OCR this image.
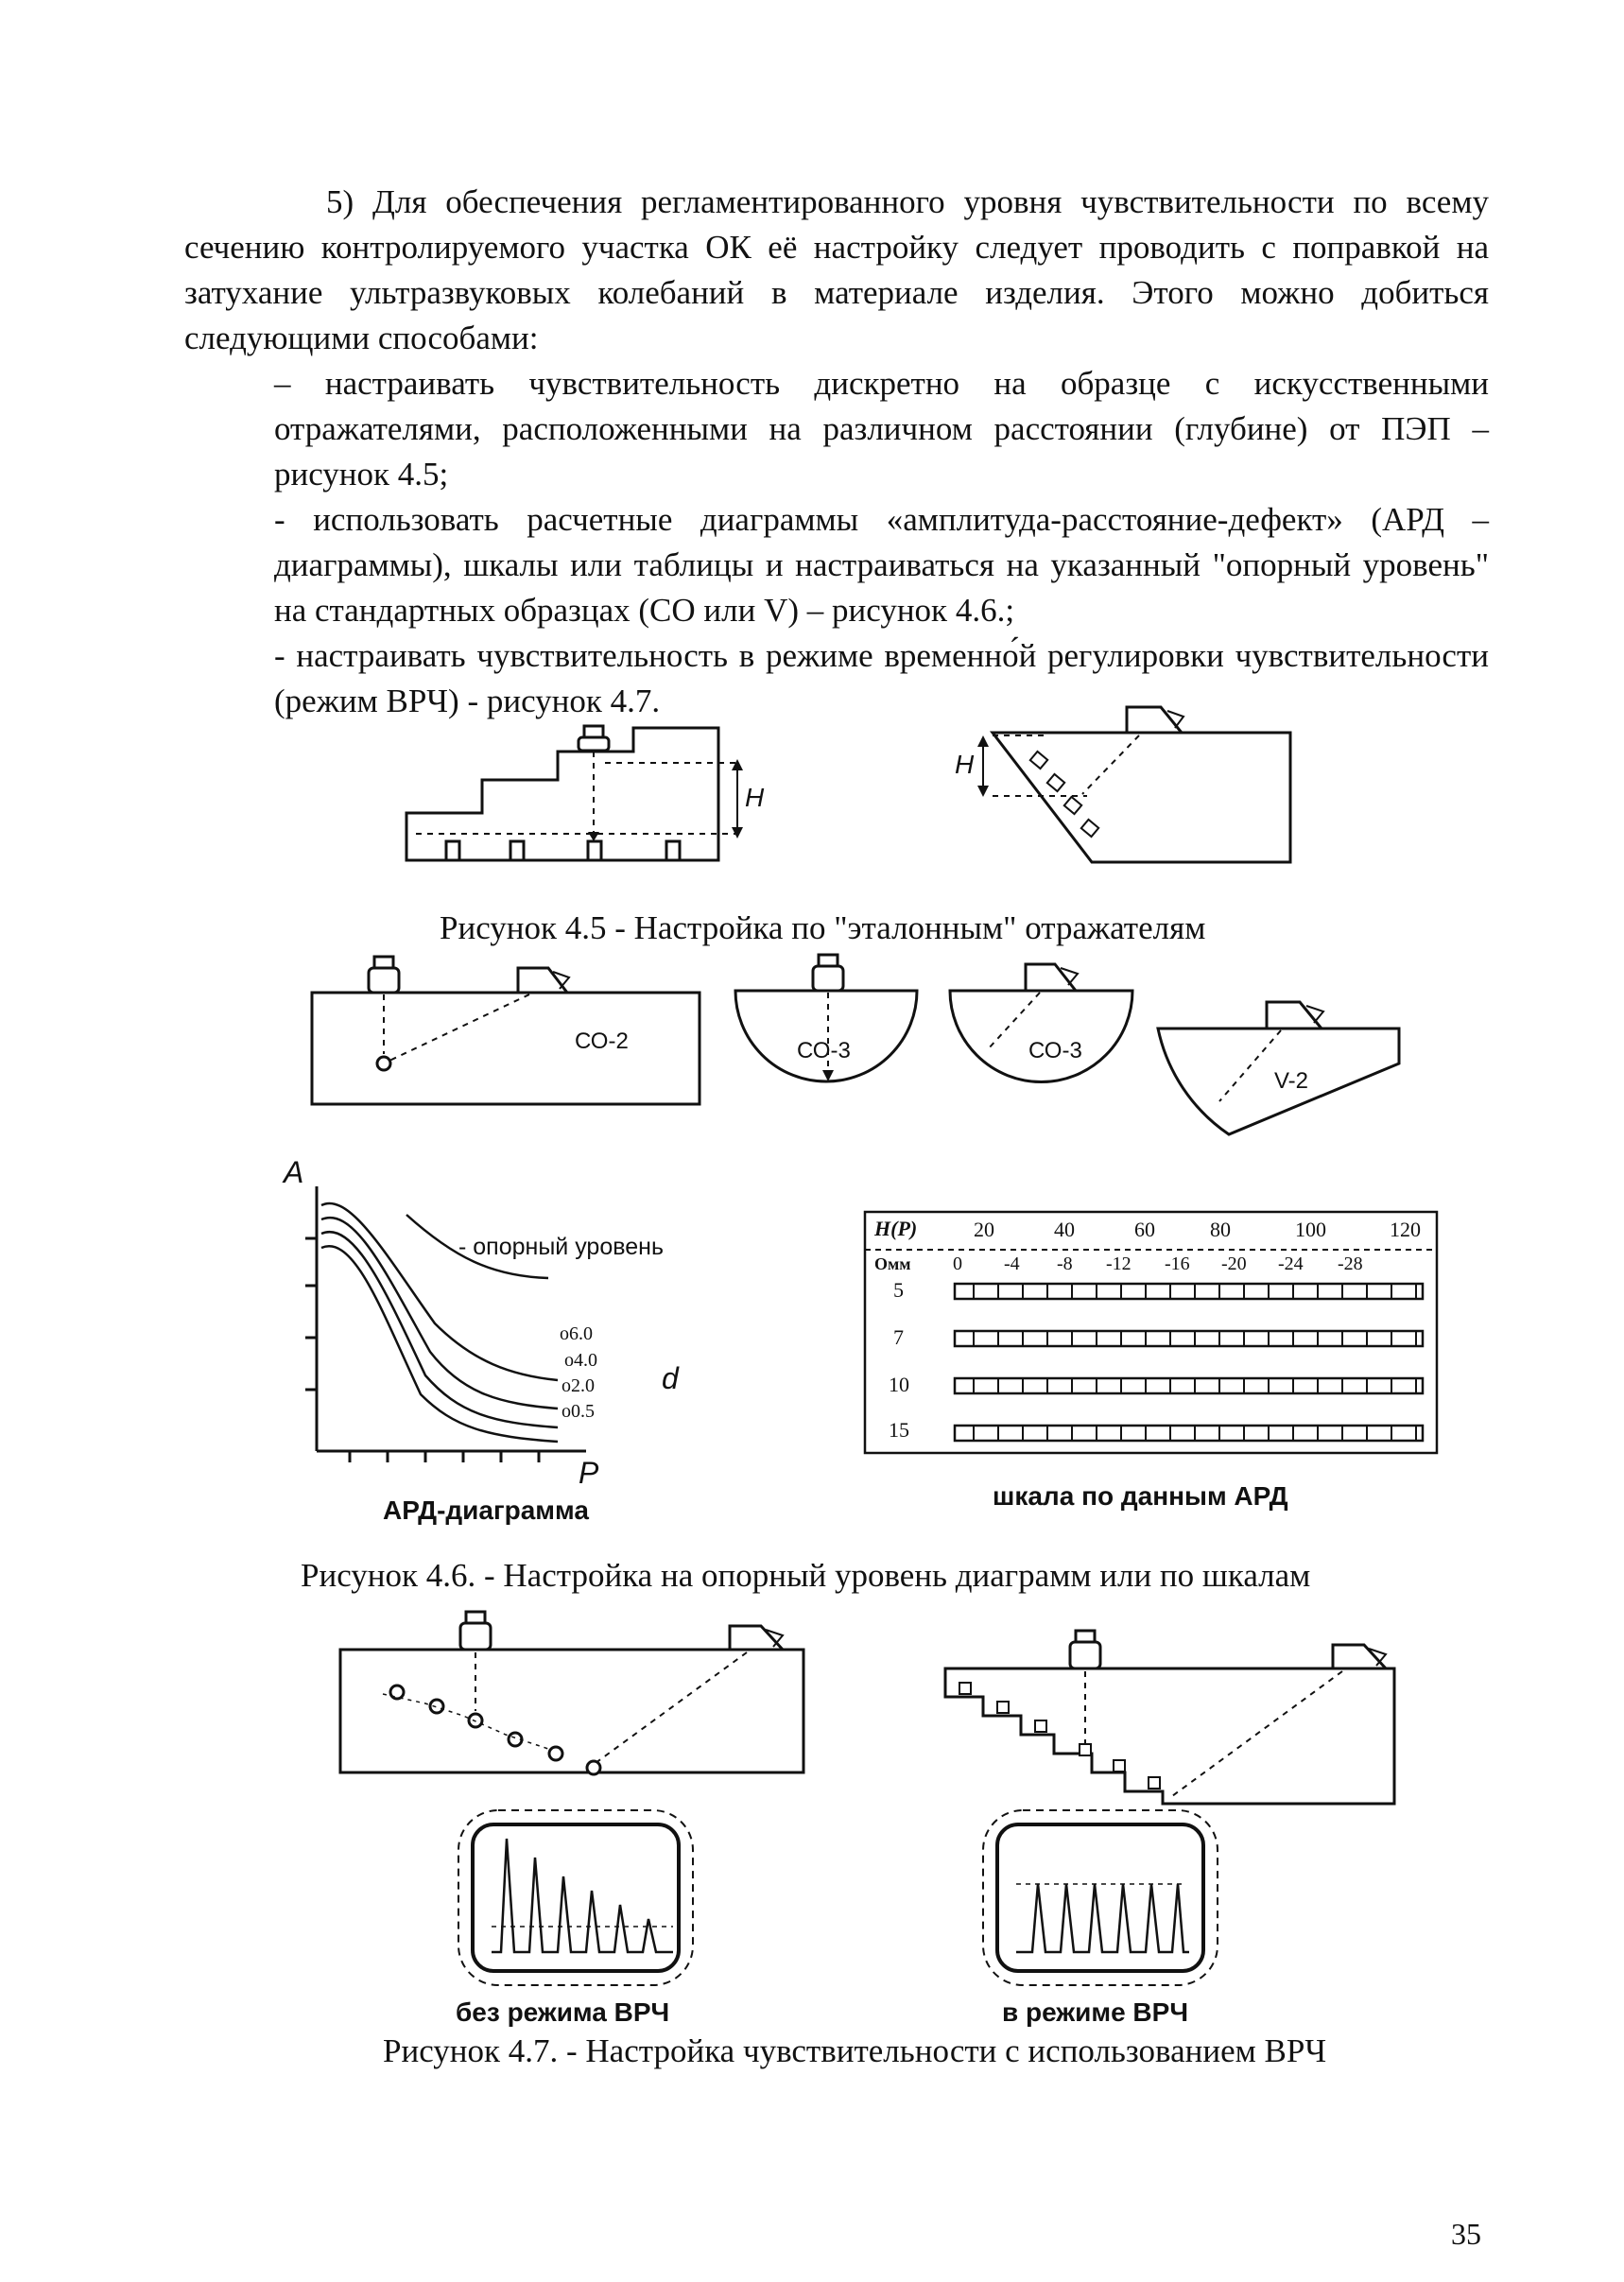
5) Для обеспечения регламентированного уровня чувствительности по всему сечению контролируемого участка ОК её настройку следует проводить с поправкой на затухание ультразвуковых колебаний в материале изделия. Этого можно добиться следующими способами:

– настраивать чувствительность дискретно на образце с искусственными отражателями, расположенными на различном расстоянии (глубине) от ПЭП – рисунок 4.5;

- использовать расчетные диаграммы «амплитуда-расстояние-дефект» (АРД –диаграммы), шкалы или таблицы и настраиваться на указанный "опорный уровень" на стандартных образцах (СО или V) – рисунок 4.6.;

- настраивать чувствительность в режиме временно́й регулировки чувствительности (режим ВРЧ) - рисунок 4.7.

H
H
Рисунок 4.5 - Настройка по "эталонным" отражателям
СО-2	СО-3	СО-3
V-2
A
P
d
- опорный уровень
о6.0
о4.0
о2.0
о0.5
АРД-диаграмма
Н(Р)
Омм
20	40	60	80	100	120
0 -4 -8 -12 -16 -20 -24 -28
5
7
10
15
шкала по данным АРД
Рисунок 4.6. - Настройка на опорный уровень диаграмм или по шкалам
без режима ВРЧ	в режиме ВРЧ
Рисунок 4.7. - Настройка чувствительности с использованием ВРЧ
35
